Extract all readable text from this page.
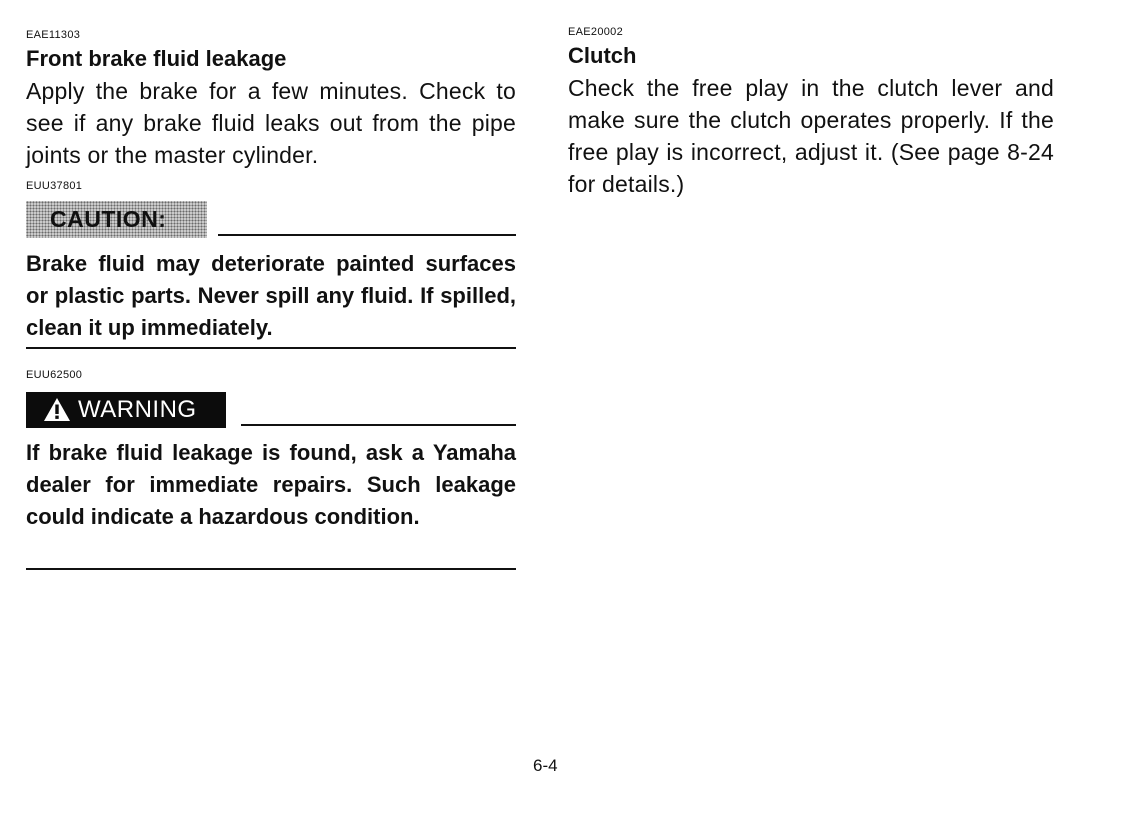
EAE11303
Front brake fluid leakage
Apply the brake for a few minutes. Check to see if any brake fluid leaks out from the pipe joints or the master cylinder.
EUU37801
CAUTION:
Brake fluid may deteriorate painted surfaces or plastic parts. Never spill any fluid. If spilled, clean it up immediately.
EUU62500
WARNING
If brake fluid leakage is found, ask a Yamaha dealer for immediate repairs. Such leakage could indicate a hazardous condition.
EAE20002
Clutch
Check the free play in the clutch lever and make sure the clutch operates properly. If the free play is incorrect, adjust it. (See page 8-24 for details.)
6-4
